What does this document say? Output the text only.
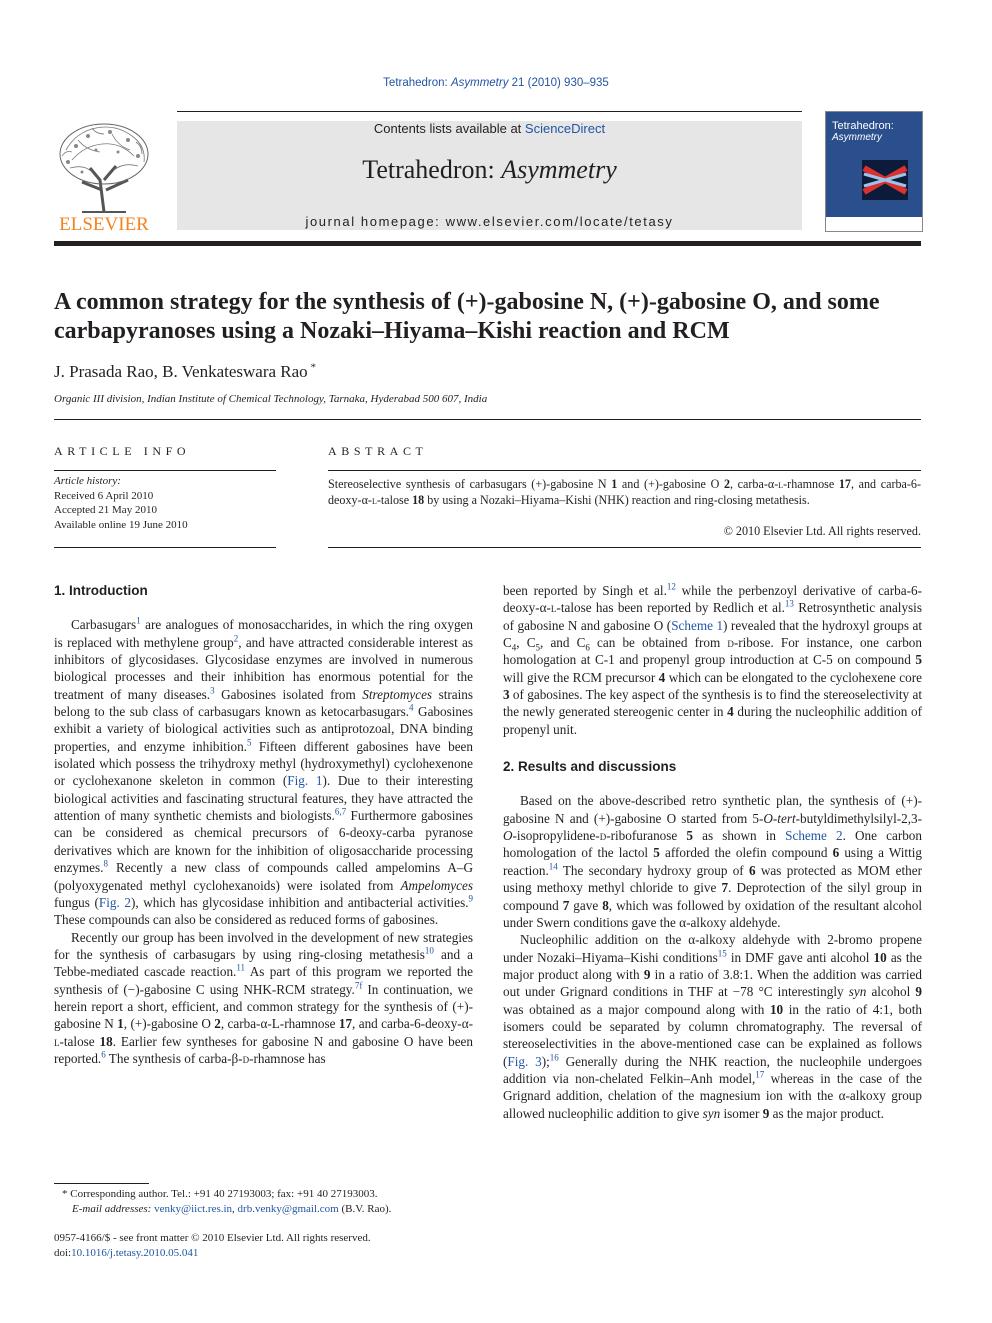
Tetrahedron: Asymmetry 21 (2010) 930–935
ELSEVIER
Contents lists available at ScienceDirect
Tetrahedron: Asymmetry
journal homepage: www.elsevier.com/locate/tetasy
Tetrahedron:
Asymmetry
A common strategy for the synthesis of (+)-gabosine N, (+)-gabosine O, and some carbapyranoses using a Nozaki–Hiyama–Kishi reaction and RCM
J. Prasada Rao, B. Venkateswara Rao *
Organic III division, Indian Institute of Chemical Technology, Tarnaka, Hyderabad 500 607, India
ARTICLE INFO
Article history:
Received 6 April 2010
Accepted 21 May 2010
Available online 19 June 2010
ABSTRACT
Stereoselective synthesis of carbasugars (+)-gabosine N 1 and (+)-gabosine O 2, carba-α-l-rhamnose 17, and carba-6-deoxy-α-l-talose 18 by using a Nozaki–Hiyama–Kishi (NHK) reaction and ring-closing metathesis.
© 2010 Elsevier Ltd. All rights reserved.
1. Introduction

Carbasugars$^1$ are analogues of monosaccharides, in which the ring oxygen is replaced with methylene group$^2$, and have attracted considerable interest as inhibitors of glycosidases. Glycosidase enzymes are involved in numerous biological processes and their inhibition has enormous potential for the treatment of many diseases.$^3$ Gabosines isolated from Streptomyces strains belong to the sub class of carbasugars known as ketocarbasugars.$^4$ Gabosines exhibit a variety of biological activities such as antiprotozoal, DNA binding properties, and enzyme inhibition.$^5$ Fifteen different gabosines have been isolated which possess the trihydroxy methyl (hydroxymethyl) cyclohexenone or cyclohexanone skeleton in common (Fig. 1). Due to their interesting biological activities and fascinating structural features, they have attracted the attention of many synthetic chemists and biologists.$^{6,7}$ Furthermore gabosines can be considered as chemical precursors of 6-deoxy-carba pyranose derivatives which are known for the inhibition of oligosaccharide processing enzymes.$^8$ Recently a new class of compounds called ampelomins A–G (polyoxygenated methyl cyclohexanoids) were isolated from Ampelomyces fungus (Fig. 2), which has glycosidase inhibition and antibacterial activities.$^9$ These compounds can also be considered as reduced forms of gabosines.

Recently our group has been involved in the development of new strategies for the synthesis of carbasugars by using ring-closing metathesis$^{10}$ and a Tebbe-mediated cascade reaction.$^{11}$ As part of this program we reported the synthesis of (−)-gabosine C using NHK-RCM strategy.$^{7f}$ In continuation, we herein report a short, efficient, and common strategy for the synthesis of (+)-gabosine N 1, (+)-gabosine O 2, carba-α-L-rhamnose 17, and carba-6-deoxy-α-l-talose 18. Earlier few syntheses for gabosine N and gabosine O have been reported.$^6$ The synthesis of carba-β-d-rhamnose has

been reported by Singh et al.$^{12}$ while the perbenzoyl derivative of carba-6-deoxy-α-l-talose has been reported by Redlich et al.$^{13}$ Retrosynthetic analysis of gabosine N and gabosine O (Scheme 1) revealed that the hydroxyl groups at $C_4$, $C_5$, and $C_6$ can be obtained from d-ribose. For instance, one carbon homologation at C-1 and propenyl group introduction at C-5 on compound 5 will give the RCM precursor 4 which can be elongated to the cyclohexene core 3 of gabosines. The key aspect of the synthesis is to find the stereoselectivity at the newly generated stereogenic center in 4 during the nucleophilic addition of propenyl unit.

2. Results and discussions

Based on the above-described retro synthetic plan, the synthesis of (+)-gabosine N and (+)-gabosine O started from 5-O-tert-butyldimethylsilyl-2,3-O-isopropylidene-d-ribofuranose 5 as shown in Scheme 2. One carbon homologation of the lactol 5 afforded the olefin compound 6 using a Wittig reaction.$^{14}$ The secondary hydroxy group of 6 was protected as MOM ether using methoxy methyl chloride to give 7. Deprotection of the silyl group in compound 7 gave 8, which was followed by oxidation of the resultant alcohol under Swern conditions gave the α-alkoxy aldehyde.

Nucleophilic addition on the α-alkoxy aldehyde with 2-bromo propene under Nozaki–Hiyama–Kishi conditions$^{15}$ in DMF gave anti alcohol 10 as the major product along with 9 in a ratio of 3.8:1. When the addition was carried out under Grignard conditions in THF at −78 °C interestingly syn alcohol 9 was obtained as a major compound along with 10 in the ratio of 4:1, both isomers could be separated by column chromatography. The reversal of stereoselectivities in the above-mentioned case can be explained as follows (Fig. 3);$^{16}$ Generally during the NHK reaction, the nucleophile undergoes addition via non-chelated Felkin–Anh model,$^{17}$ whereas in the case of the Grignard addition, chelation of the magnesium ion with the α-alkoxy group allowed nucleophilic addition to give syn isomer 9 as the major product.

* Corresponding author. Tel.: +91 40 27193003; fax: +91 40 27193003.
E-mail addresses: venky@iict.res.in, drb.venky@gmail.com (B.V. Rao).
0957-4166/$ - see front matter © 2010 Elsevier Ltd. All rights reserved.
doi:10.1016/j.tetasy.2010.05.041
